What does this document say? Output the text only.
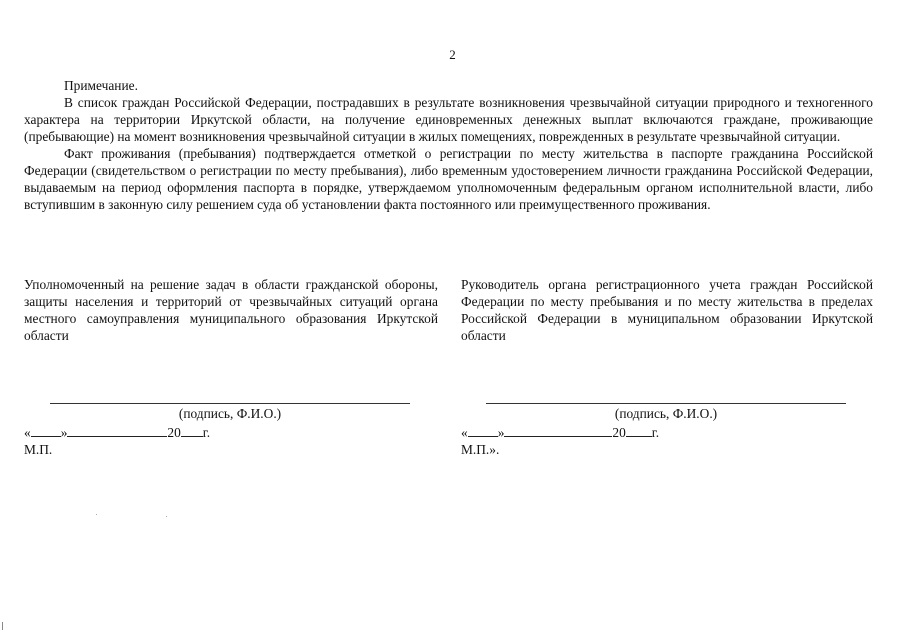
2
Примечание.

В список граждан Российской Федерации, пострадавших в результате возникновения чрезвычайной ситуации природного и техногенного характера на территории Иркутской области, на получение единовременных денежных выплат включаются граждане, проживающие (пребывающие) на момент возникновения чрезвычайной ситуации в жилых помещениях, поврежденных в результате чрезвычайной ситуации.

Факт проживания (пребывания) подтверждается отметкой о регистрации по месту жительства в паспорте гражданина Российской Федерации (свидетельством о регистрации по месту пребывания), либо временным удостоверением личности гражданина Российской Федерации, выдаваемым на период оформления паспорта в порядке, утверждаемом уполномоченным федеральным органом исполнительной власти, либо вступившим в законную силу решением суда об установлении факта постоянного или преимущественного проживания.

Уполномоченный на решение задач в области гражданской обороны, защиты населения и территорий от чрезвычайных ситуаций органа местного самоуправления муниципального образования Иркутской области
Руководитель органа регистрационного учета граждан Российской Федерации по месту пребывания и по месту жительства в пределах Российской Федерации в муниципальном образовании Иркутской области
(подпись, Ф.И.О.)
« »	20 г.
М.П.
(подпись, Ф.И.О.)
« »	20 г.
М.П.».
